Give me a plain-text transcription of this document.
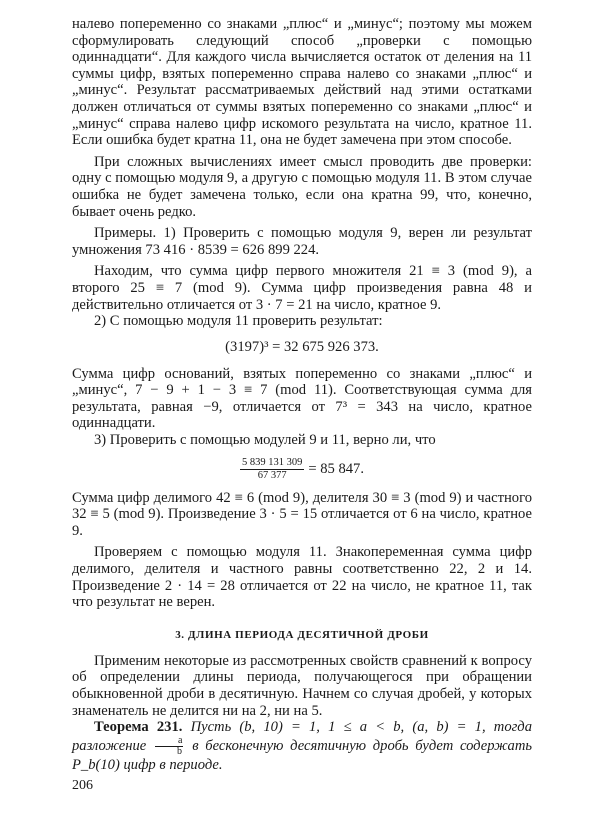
налево попеременно со знаками „плюс“ и „минус“; поэтому мы можем сформулировать следующий способ „проверки с помощью одиннадцати“. Для каждого числа вычисляется остаток от деления на 11 суммы цифр, взятых попеременно справа налево со знаками „плюс“ и „минус“. Результат рассматриваемых действий над этими остатками должен отличаться от суммы взятых попеременно со знаками „плюс“ и „минус“ справа налево цифр искомого результата на число, кратное 11. Если ошибка будет кратна 11, она не будет замечена при этом способе.

При сложных вычислениях имеет смысл проводить две проверки: одну с помощью модуля 9, а другую с помощью модуля 11. В этом случае ошибка не будет замечена только, если она кратна 99, что, конечно, бывает очень редко.

Примеры. 1) Проверить с помощью модуля 9, верен ли результат умножения 73 416 · 8539 = 626 899 224.

Находим, что сумма цифр первого множителя 21 ≡ 3 (mod 9), а второго 25 ≡ 7 (mod 9). Сумма цифр произведения равна 48 и действительно отличается от 3 · 7 = 21 на число, кратное 9.

2) С помощью модуля 11 проверить результат:

(3197)³ = 32 675 926 373.

Сумма цифр оснований, взятых попеременно со знаками „плюс“ и „минус“, 7 − 9 + 1 − 3 ≡ 7 (mod 11). Соответствующая сумма для результата, равная −9, отличается от 7³ = 343 на число, кратное одиннадцати.

3) Проверить с помощью модулей 9 и 11, верно ли, что

$\frac{5 839 131 309}{67 377} = 85$ 847.

Сумма цифр делимого 42 ≡ 6 (mod 9), делителя 30 ≡ 3 (mod 9) и частного 32 ≡ 5 (mod 9). Произведение 3 · 5 = 15 отличается от 6 на число, кратное 9.

Проверяем с помощью модуля 11. Знакопеременная сумма цифр делимого, делителя и частного равны соответственно 22, 2 и 14. Произведение 2 · 14 = 28 отличается от 22 на число, не кратное 11, так что результат не верен.

3. ДЛИНА ПЕРИОДА ДЕСЯТИЧНОЙ ДРОБИ

Применим некоторые из рассмотренных свойств сравнений к вопросу об определении длины периода, получающегося при обращении обыкновенной дроби в десятичную. Начнем со случая дробей, у которых знаменатель не делится ни на 2, ни на 5.

Теорема 231. Пусть (b, 10) = 1, 1 ≤ a < b, (a, b) = 1, тогда разложение $\frac{a}{b}$ в бесконечную десятичную дробь будет содержать P_b(10) цифр в периоде.

206
